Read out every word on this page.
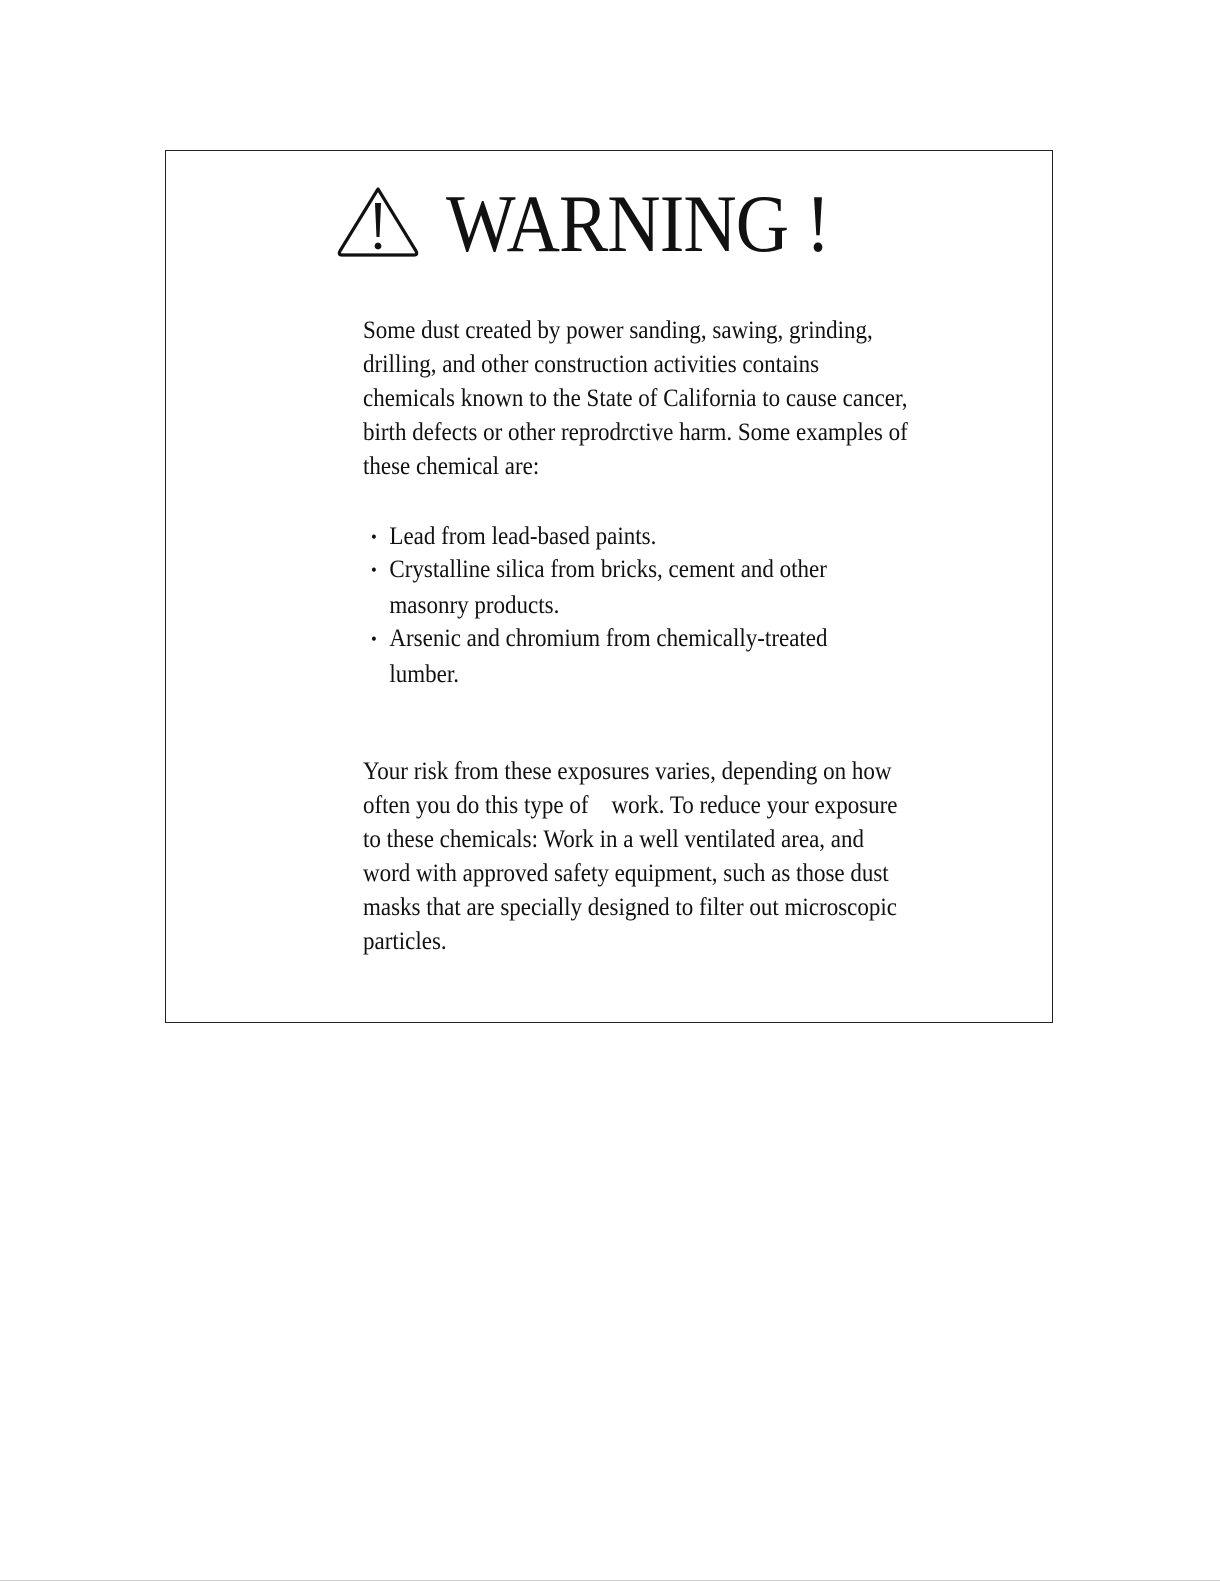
WARNING !
Some dust created by power sanding, sawing, grinding, drilling, and other construction activities contains chemicals known to the State of California to cause cancer, birth defects or other reprodrctive harm. Some examples of these chemical are:
• Lead from lead-based paints.
• Crystalline silica from bricks, cement and other masonry products.
• Arsenic and chromium from chemically-treated lumber.
Your risk from these exposures varies, depending on how often you do this type of    work. To reduce your exposure to these chemicals: Work in a well ventilated area, and word with approved safety equipment, such as those dust masks that are specially designed to filter out microscopic particles.
